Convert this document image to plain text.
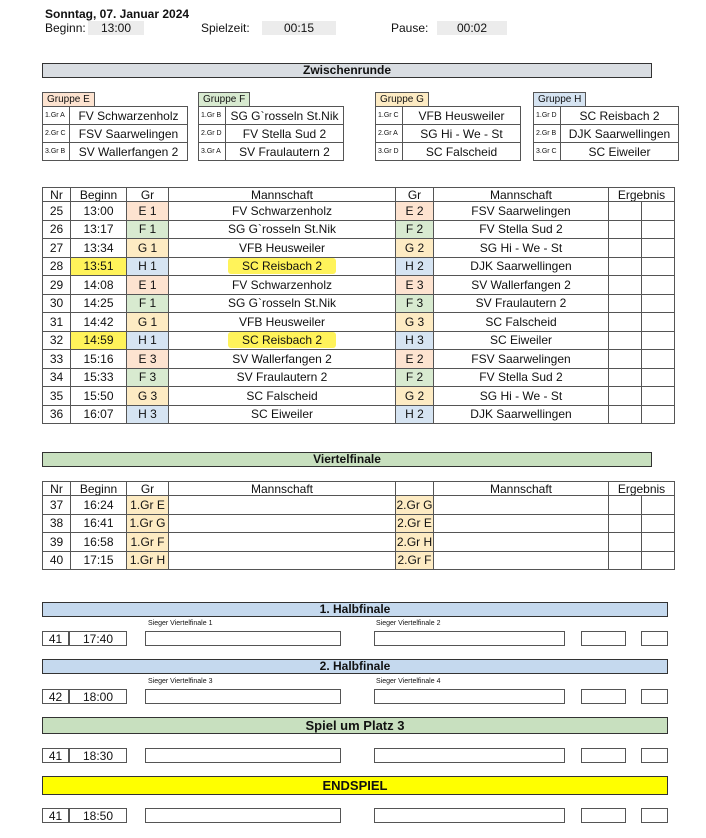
Sonntag, 07. Januar 2024
Beginn:	13:00	Spielzeit:	00:15	Pause:	00:02
Zwischenrunde
Gruppe E
1.Gr A	FV Schwarzenholz
2.Gr C	FSV Saarwelingen
3.Gr B	SV Wallerfangen 2
Gruppe F
1.Gr B	SG G`rosseln St.Nik
2.Gr D	FV Stella Sud 2
3.Gr A	SV Fraulautern 2
Gruppe G
1.Gr C	VFB Heusweiler
2.Gr A	SG Hi - We - St
3.Gr D	SC Falscheid
Gruppe H
1.Gr D	SC Reisbach 2
2.Gr B	DJK Saarwellingen
3.Gr C	SC Eiweiler
Nr	Beginn	Gr	Mannschaft	Gr	Mannschaft	Ergebnis	
25	13:00	E 1	FV Schwarzenholz	E 2	FSV Saarwelingen		
26	13:17	F 1	SG G`rosseln St.Nik	F 2	FV Stella Sud 2		
27	13:34	G 1	VFB Heusweiler	G 2	SG Hi - We - St		
28	13:51	H 1	SC Reisbach 2	H 2	DJK Saarwellingen		
29	14:08	E 1	FV Schwarzenholz	E 3	SV Wallerfangen 2		
30	14:25	F 1	SG G`rosseln St.Nik	F 3	SV Fraulautern 2		
31	14:42	G 1	VFB Heusweiler	G 3	SC Falscheid		
32	14:59	H 1	SC Reisbach 2	H 3	SC Eiweiler		
33	15:16	E 3	SV Wallerfangen 2	E 2	FSV Saarwelingen		
34	15:33	F 3	SV Fraulautern 2	F 2	FV Stella Sud 2		
35	15:50	G 3	SC Falscheid	G 2	SG Hi - We - St		
36	16:07	H 3	SC Eiweiler	H 2	DJK Saarwellingen		
Viertelfinale
Nr	Beginn	Gr	Mannschaft		Mannschaft	Ergebnis	
37	16:24	1.Gr E		2.Gr G			
38	16:41	1.Gr G		2.Gr E			
39	16:58	1.Gr F		2.Gr H			
40	17:15	1.Gr H		2.Gr F			
1. Halbfinale
Sieger Viertelfinale 1	Sieger Viertelfinale 2
41	17:40
2. Halbfinale
Sieger Viertelfinale 3	Sieger Viertelfinale 4
42	18:00
Spiel um Platz 3
41	18:30
ENDSPIEL
41	18:50
